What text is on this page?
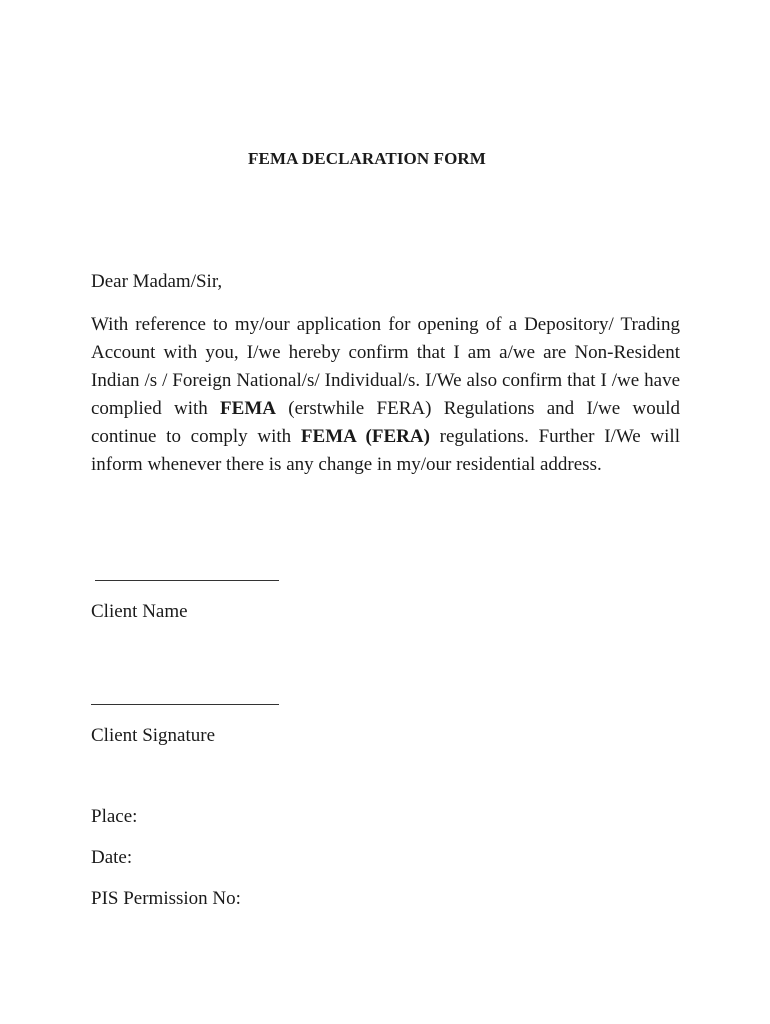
FEMA DECLARATION FORM
Dear Madam/Sir,

With reference to my/our application for opening of a Depository/ Trading Account with you, I/we hereby confirm that I am a/we are Non-Resident Indian /s / Foreign National/s/ Individual/s. I/We also confirm that I /we have complied with FEMA (erstwhile FERA) Regulations and I/we would continue to comply with FEMA (FERA) regulations. Further I/We will inform whenever there is any change in my/our residential address.

Client Name
Client Signature
Place:
Date:
PIS Permission No:
